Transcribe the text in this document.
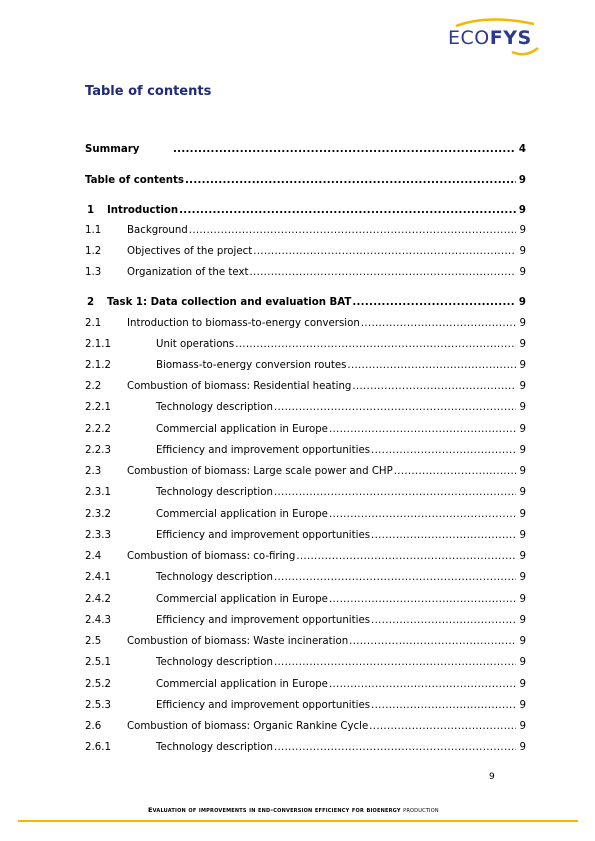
ECOFYS
Table of contents
Summary .....	4
Table of contents .....	9
1 Introduction .....	9
1.1	Background .....	9
1.2	Objectives of the project .....	9
1.3	Organization of the text .....	9
2 Task 1: Data collection and evaluation BAT .....	9
2.1	Introduction to biomass-to-energy conversion .....	9
2.1.1	Unit operations .....	9
2.1.2	Biomass-to-energy conversion routes .....	9
2.2	Combustion of biomass: Residential heating .....	9
2.2.1	Technology description .....	9
2.2.2	Commercial application in Europe .....	9
2.2.3	Efficiency and improvement opportunities .....	9
2.3	Combustion of biomass: Large scale power and CHP .....	9
2.3.1	Technology description .....	9
2.3.2	Commercial application in Europe .....	9
2.3.3	Efficiency and improvement opportunities .....	9
2.4	Combustion of biomass: co-firing .....	9
2.4.1	Technology description .....	9
2.4.2	Commercial application in Europe .....	9
2.4.3	Efficiency and improvement opportunities .....	9
2.5	Combustion of biomass: Waste incineration .....	9
2.5.1	Technology description .....	9
2.5.2	Commercial application in Europe .....	9
2.5.3	Efficiency and improvement opportunities .....	9
2.6	Combustion of biomass: Organic Rankine Cycle .....	9
2.6.1	Technology description .....	9
9
Evaluation of improvements in end-conversion efficiency for bioenergy production
